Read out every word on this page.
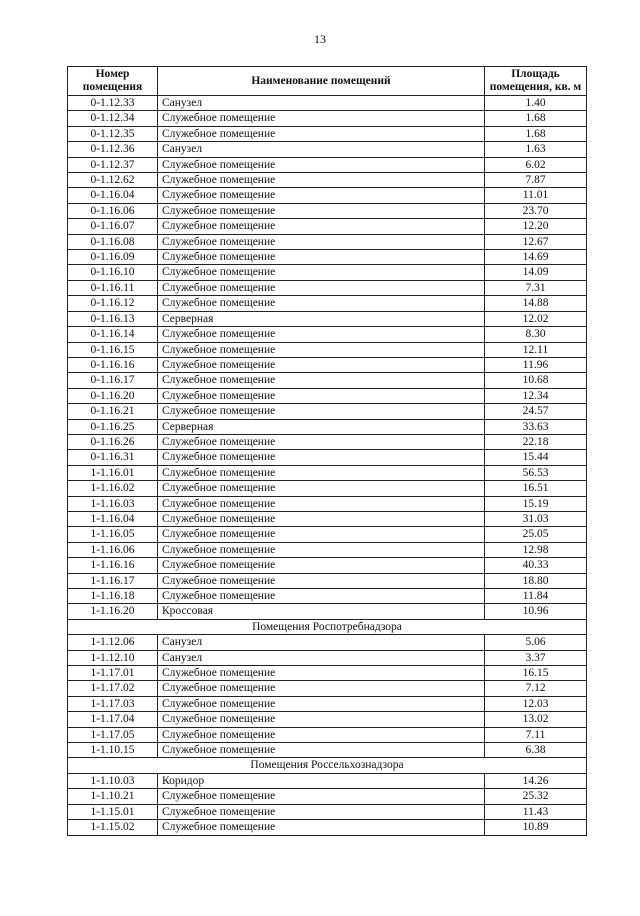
13
Номер помещения	Наименование помещений	Площадь помещения, кв. м
0-1.12.33	Санузел	1.40
0-1.12.34	Служебное помещение	1.68
0-1.12.35	Служебное помещение	1.68
0-1.12.36	Санузел	1.63
0-1.12.37	Служебное помещение	6.02
0-1.12.62	Служебное помещение	7.87
0-1.16.04	Служебное помещение	11.01
0-1.16.06	Служебное помещение	23.70
0-1.16.07	Служебное помещение	12.20
0-1.16.08	Служебное помещение	12.67
0-1.16.09	Служебное помещение	14.69
0-1.16.10	Служебное помещение	14.09
0-1.16.11	Служебное помещение	7.31
0-1.16.12	Служебное помещение	14.88
0-1.16.13	Серверная	12.02
0-1.16.14	Служебное помещение	8.30
0-1.16.15	Служебное помещение	12.11
0-1.16.16	Служебное помещение	11.96
0-1.16.17	Служебное помещение	10.68
0-1.16.20	Служебное помещение	12.34
0-1.16.21	Служебное помещение	24.57
0-1.16.25	Серверная	33.63
0-1.16.26	Служебное помещение	22.18
0-1.16.31	Служебное помещение	15.44
1-1.16.01	Служебное помещение	56.53
1-1.16.02	Служебное помещение	16.51
1-1.16.03	Служебное помещение	15.19
1-1.16.04	Служебное помещение	31.03
1-1.16.05	Служебное помещение	25.05
1-1.16.06	Служебное помещение	12.98
1-1.16.16	Служебное помещение	40.33
1-1.16.17	Служебное помещение	18.80
1-1.16.18	Служебное помещение	11.84
1-1.16.20	Кроссовая	10.96
Помещения Роспотребнадзора		
1-1.12.06	Санузел	5.06
1-1.12.10	Санузел	3.37
1-1.17.01	Служебное помещение	16.15
1-1.17.02	Служебное помещение	7.12
1-1.17.03	Служебное помещение	12.03
1-1.17.04	Служебное помещение	13.02
1-1.17.05	Служебное помещение	7.11
1-1.10.15	Служебное помещение	6.38
Помещения Россельхознадзора		
1-1.10.03	Коридор	14.26
1-1.10.21	Служебное помещение	25.32
1-1.15.01	Служебное помещение	11.43
1-1.15.02	Служебное помещение	10.89
